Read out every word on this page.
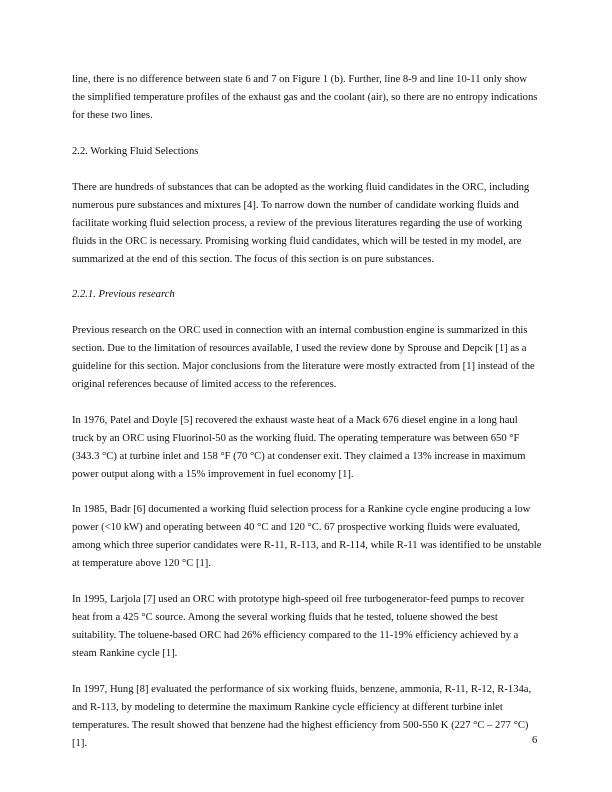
line, there is no difference between state 6 and 7 on Figure 1 (b). Further, line 8-9 and line 10-11 only show the simplified temperature profiles of the exhaust gas and the coolant (air), so there are no entropy indications for these two lines.

2.2. Working Fluid Selections

There are hundreds of substances that can be adopted as the working fluid candidates in the ORC, including numerous pure substances and mixtures [4]. To narrow down the number of candidate working fluids and facilitate working fluid selection process, a review of the previous literatures regarding the use of working fluids in the ORC is necessary. Promising working fluid candidates, which will be tested in my model, are summarized at the end of this section. The focus of this section is on pure substances.

2.2.1. Previous research

Previous research on the ORC used in connection with an internal combustion engine is summarized in this section. Due to the limitation of resources available, I used the review done by Sprouse and Depcik [1] as a guideline for this section. Major conclusions from the literature were mostly extracted from [1] instead of the original references because of limited access to the references.

In 1976, Patel and Doyle [5] recovered the exhaust waste heat of a Mack 676 diesel engine in a long haul truck by an ORC using Fluorinol-50 as the working fluid. The operating temperature was between 650 °F (343.3 °C) at turbine inlet and 158 °F (70 °C) at condenser exit. They claimed a 13% increase in maximum power output along with a 15% improvement in fuel economy [1].

In 1985, Badr [6] documented a working fluid selection process for a Rankine cycle engine producing a low power (<10 kW) and operating between 40 °C and 120 °C. 67 prospective working fluids were evaluated, among which three superior candidates were R-11, R-113, and R-114, while R-11 was identified to be unstable at temperature above 120 °C [1].

In 1995, Larjola [7] used an ORC with prototype high-speed oil free turbogenerator-feed pumps to recover heat from a 425 °C source. Among the several working fluids that he tested, toluene showed the best suitability. The toluene-based ORC had 26% efficiency compared to the 11-19% efficiency achieved by a steam Rankine cycle [1].

In 1997, Hung [8] evaluated the performance of six working fluids, benzene, ammonia, R-11, R-12, R-134a, and R-113, by modeling to determine the maximum Rankine cycle efficiency at different turbine inlet temperatures. The result showed that benzene had the highest efficiency from 500-550 K (227 °C – 277 °C) [1].	6
